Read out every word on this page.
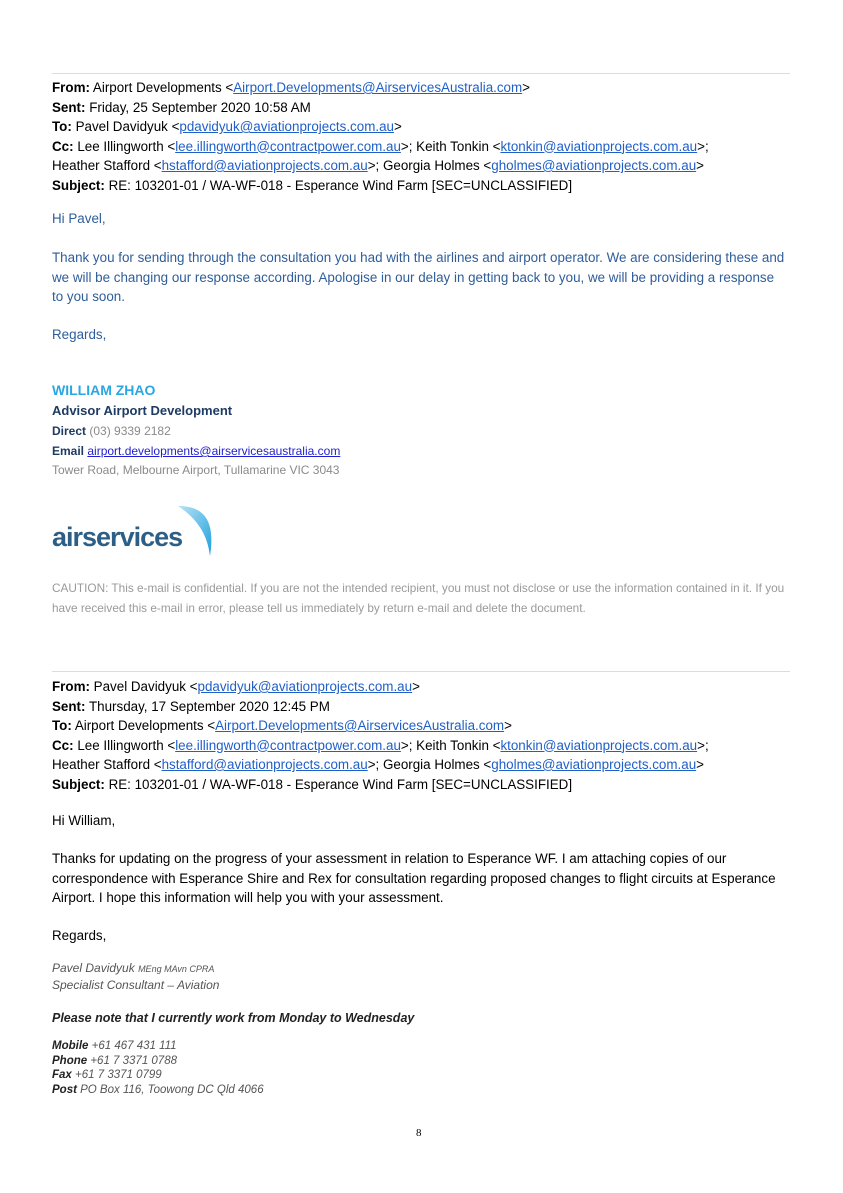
From: Airport Developments <Airport.Developments@AirservicesAustralia.com>
Sent: Friday, 25 September 2020 10:58 AM
To: Pavel Davidyuk <pdavidyuk@aviationprojects.com.au>
Cc: Lee Illingworth <lee.illingworth@contractpower.com.au>; Keith Tonkin <ktonkin@aviationprojects.com.au>;
Heather Stafford <hstafford@aviationprojects.com.au>; Georgia Holmes <gholmes@aviationprojects.com.au>
Subject: RE: 103201-01 / WA-WF-018 - Esperance Wind Farm [SEC=UNCLASSIFIED]
Hi Pavel,
Thank you for sending through the consultation you had with the airlines and airport operator. We are considering these and we will be changing our response according. Apologise in our delay in getting back to you, we will be providing a response to you soon.
Regards,
WILLIAM ZHAO
Advisor Airport Development
Direct (03) 9339 2182
Email airport.developments@airservicesaustralia.com
Tower Road, Melbourne Airport, Tullamarine VIC 3043
airservices
CAUTION: This e-mail is confidential. If you are not the intended recipient, you must not disclose or use the information contained in it. If you have received this e-mail in error, please tell us immediately by return e-mail and delete the document.
From: Pavel Davidyuk <pdavidyuk@aviationprojects.com.au>
Sent: Thursday, 17 September 2020 12:45 PM
To: Airport Developments <Airport.Developments@AirservicesAustralia.com>
Cc: Lee Illingworth <lee.illingworth@contractpower.com.au>; Keith Tonkin <ktonkin@aviationprojects.com.au>;
Heather Stafford <hstafford@aviationprojects.com.au>; Georgia Holmes <gholmes@aviationprojects.com.au>
Subject: RE: 103201-01 / WA-WF-018 - Esperance Wind Farm [SEC=UNCLASSIFIED]
Hi William,
Thanks for updating on the progress of your assessment in relation to Esperance WF. I am attaching copies of our correspondence with Esperance Shire and Rex for consultation regarding proposed changes to flight circuits at Esperance Airport. I hope this information will help you with your assessment.
Regards,
Pavel Davidyuk MEng MAvn CPRA
Specialist Consultant – Aviation
Please note that I currently work from Monday to Wednesday
Mobile +61 467 431 111
Phone +61 7 3371 0788
Fax +61 7 3371 0799
Post PO Box 116, Toowong DC Qld 4066
8
